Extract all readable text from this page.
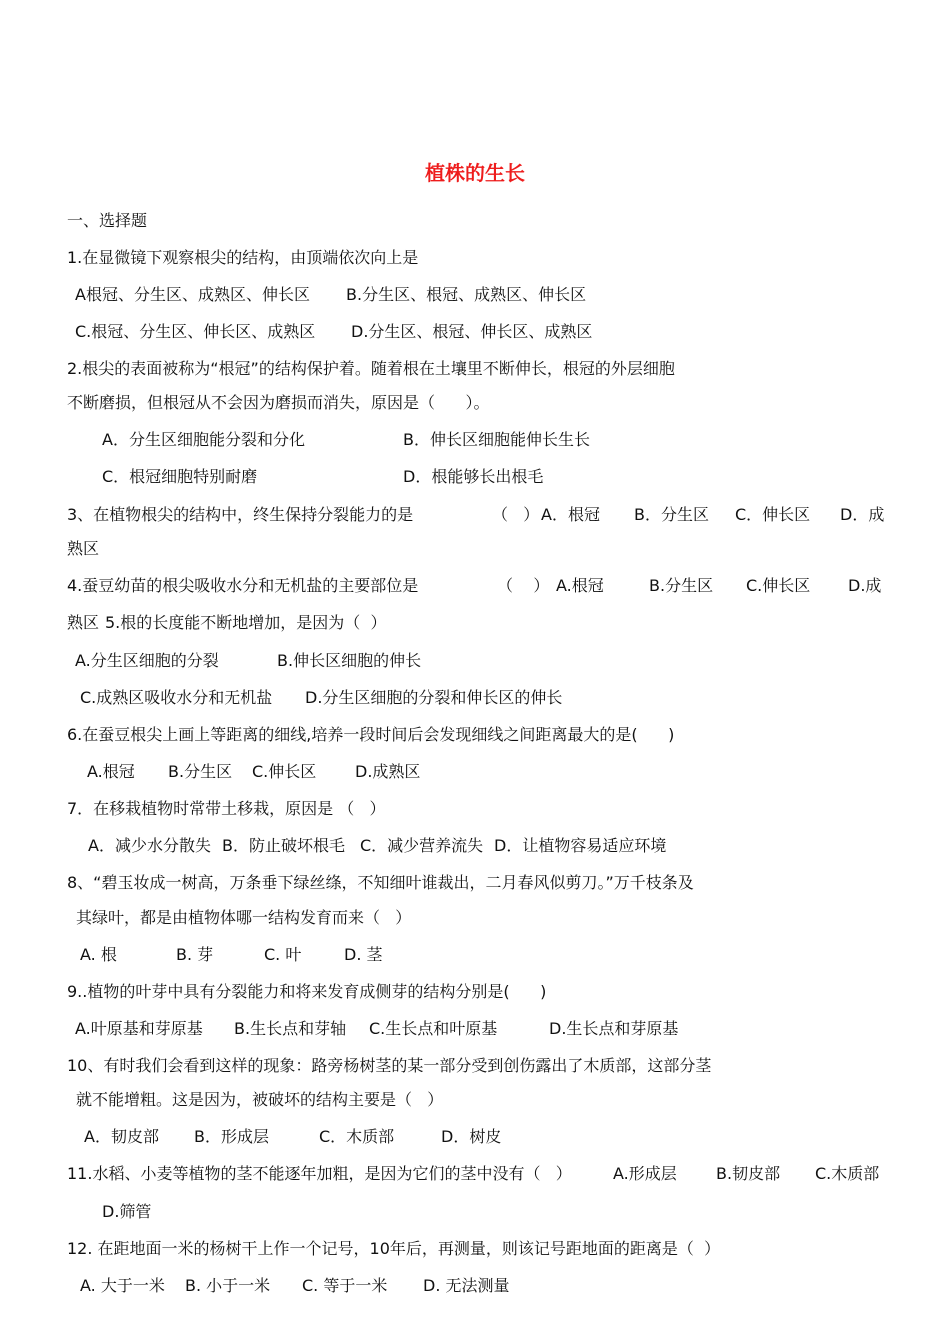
植株的生长
一、选择题
1.在显微镜下观察根尖的结构，由顶端依次向上是
A根冠、分生区、成熟区、伸长区 B.分生区、根冠、成熟区、伸长区
C.根冠、分生区、伸长区、成熟区 D.分生区、根冠、伸长区、成熟区
2.根尖的表面被称为“根冠”的结构保护着。随着根在土壤里不断伸长，根冠的外层细胞
不断磨损，但根冠从不会因为磨损而消失，原因是（      ）。
A．分生区细胞能分裂和分化	B．伸长区细胞能伸长生长
C．根冠细胞特别耐磨	D．根能够长出根毛
3、在植物根尖的结构中，终生保持分裂能力的是	（   ） A．根冠 B．分生区 C．伸长区 D．成
熟区
4.蚕豆幼苗的根尖吸收水分和无机盐的主要部位是	（    ） A.根冠	B.分生区 C.伸长区 D.成
熟区 5.根的长度能不断地增加，是因为（  ）
A.分生区细胞的分裂	B.伸长区细胞的伸长
C.成熟区吸收水分和无机盐 D.分生区细胞的分裂和伸长区的伸长
6.在蚕豆根尖上画上等距离的细线,培养一段时间后会发现细线之间距离最大的是(      )
A.根冠 B.分生区 C.伸长区 D.成熟区
7．在移栽植物时常带土移栽，原因是 （   ）
A．减少水分散失 B．防止破坏根毛 C．减少营养流失 D．让植物容易适应环境
8、“碧玉妆成一树高，万条垂下绿丝绦，不知细叶谁裁出，二月春风似剪刀。”万千枝条及
其绿叶，都是由植物体哪一结构发育而来（   ）
A. 根	B. 芽	C. 叶	D. 茎
9..植物的叶芽中具有分裂能力和将来发育成侧芽的结构分别是(      )
A.叶原基和芽原基 B.生长点和芽轴 C.生长点和叶原基	D.生长点和芽原基
10、有时我们会看到这样的现象：路旁杨树茎的某一部分受到创伤露出了木质部，这部分茎
就不能增粗。这是因为，被破坏的结构主要是（   ）
A．韧皮部 B．形成层	C．木质部	D．树皮
11.水稻、小麦等植物的茎不能逐年加粗，是因为它们的茎中没有（   ）	A.形成层 B.韧皮部 C.木质部
D.筛管
12. 在距地面一米的杨树干上作一个记号，10年后，再测量，则该记号距地面的距离是（  ）
A. 大于一米 B. 小于一米 C. 等于一米 D. 无法测量
